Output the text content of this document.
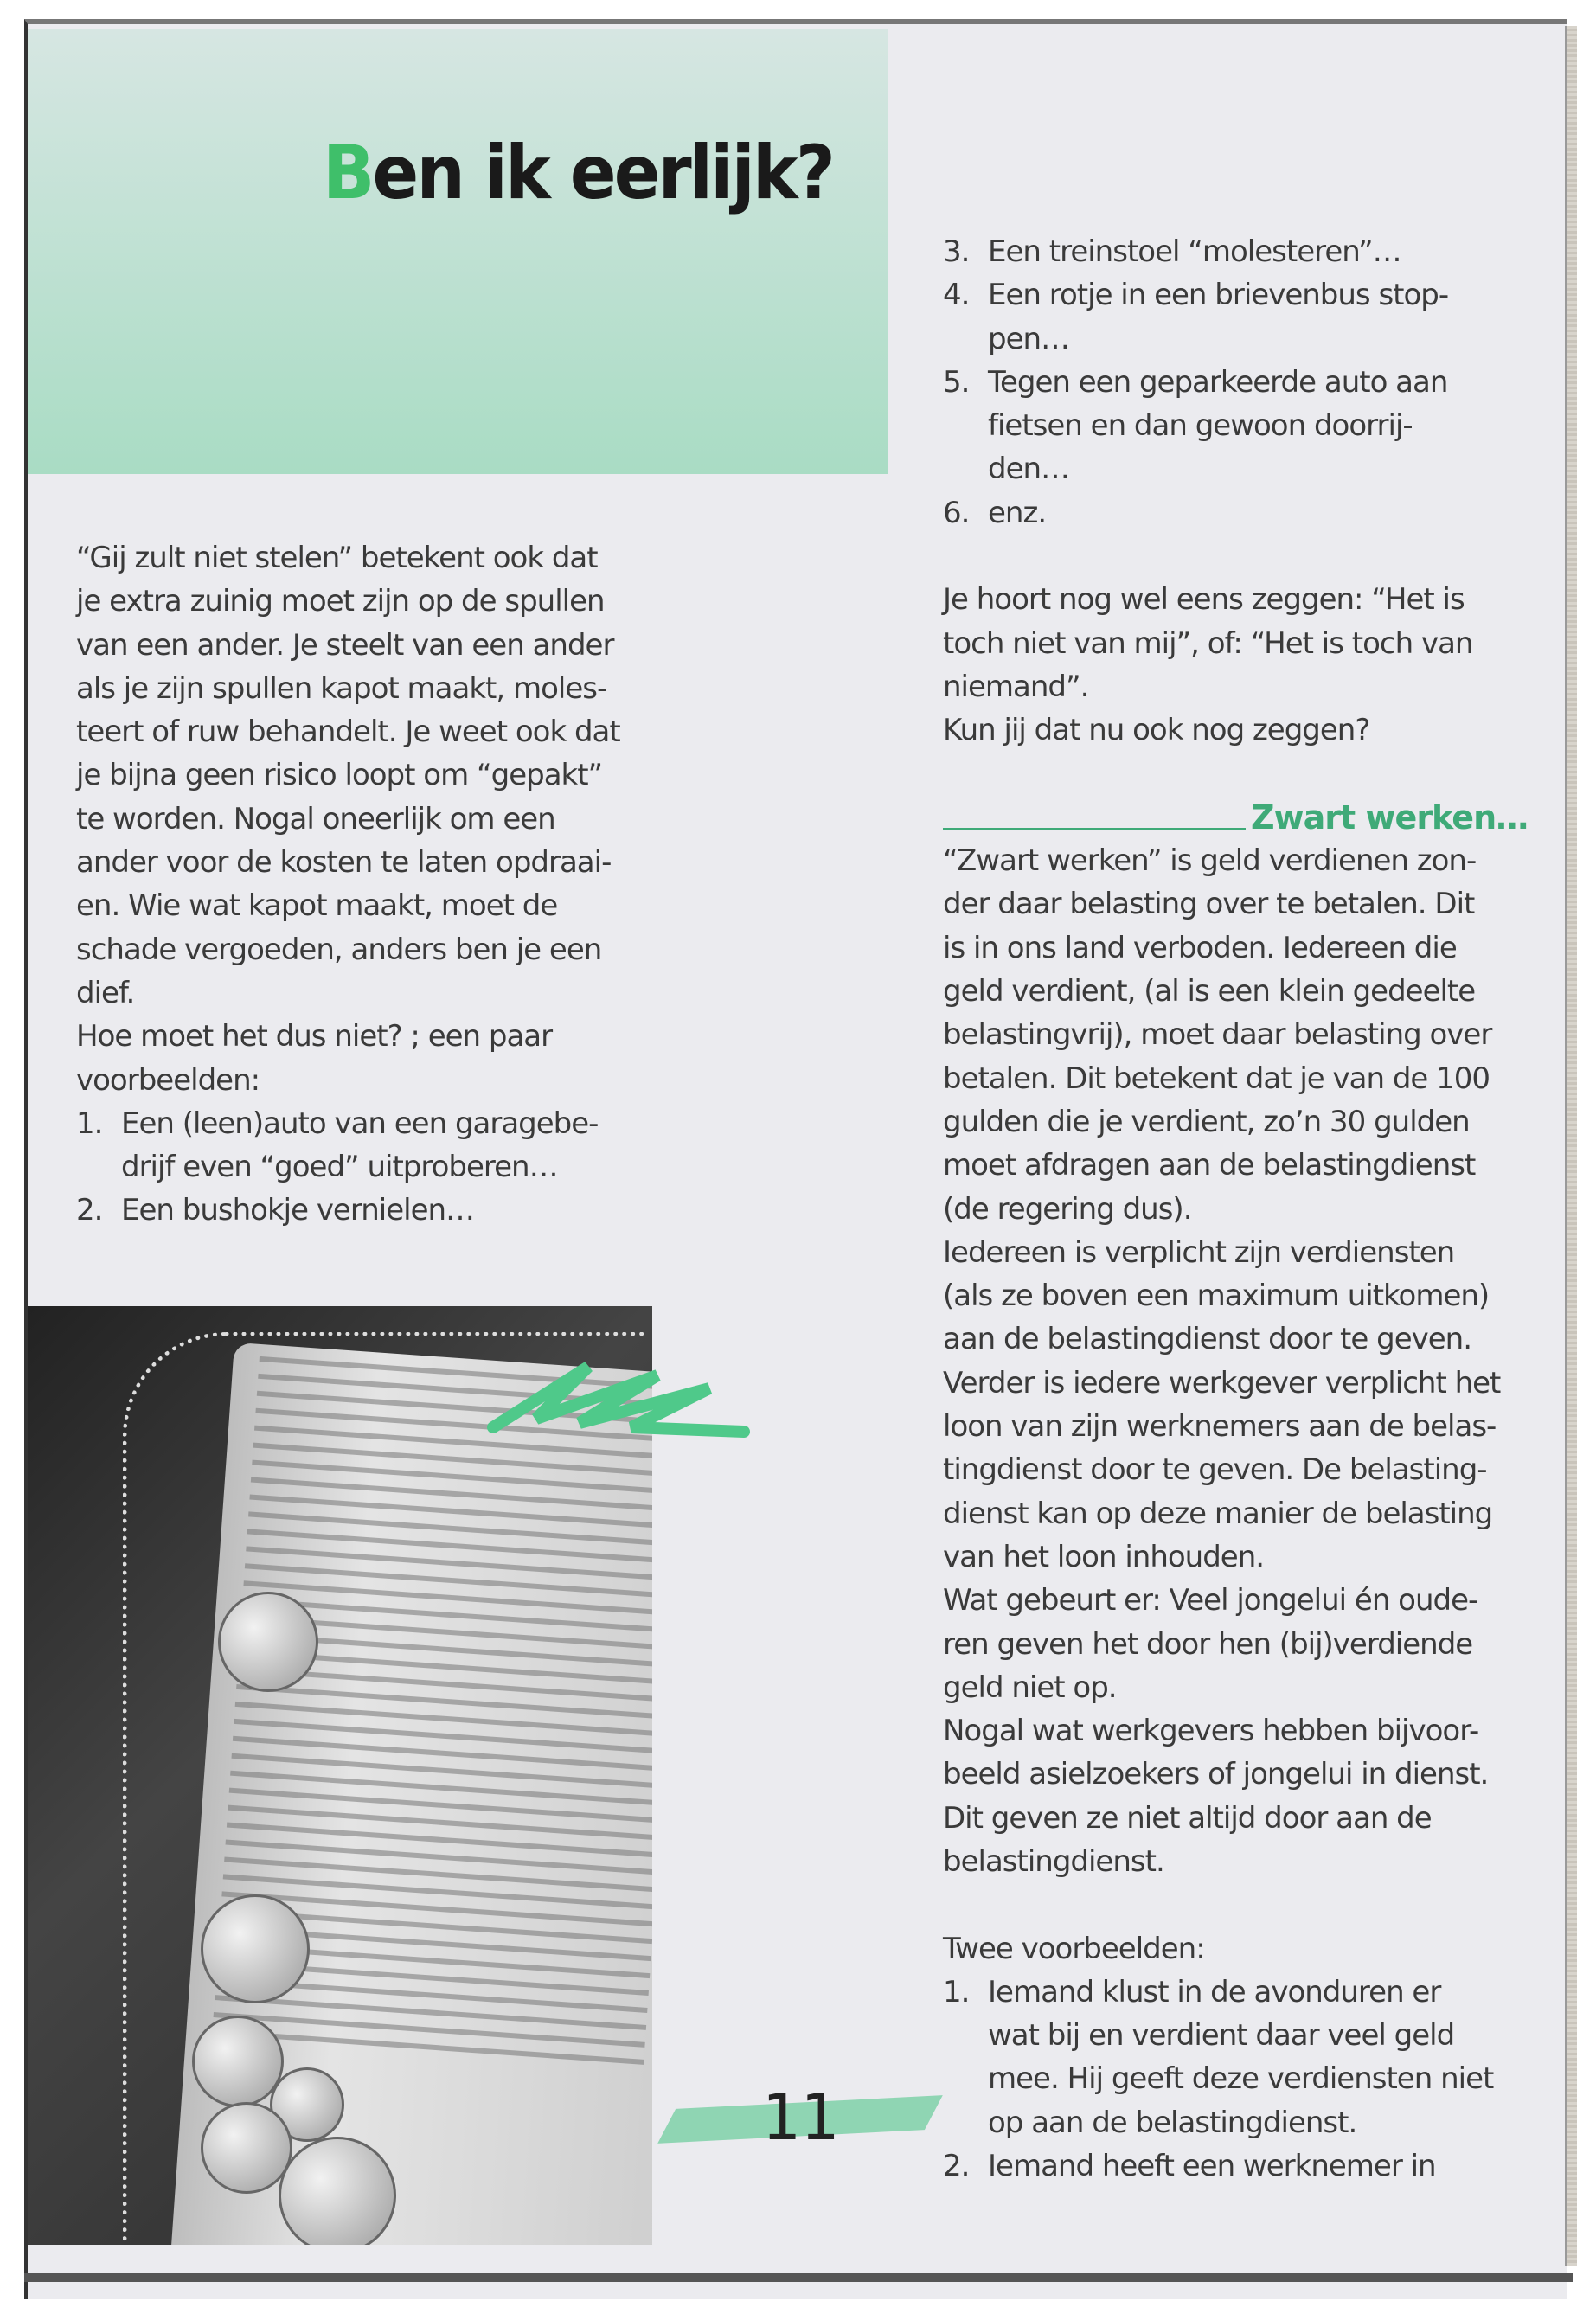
Ben ik eerlijk?
“Gij zult niet stelen” betekent ook dat
je extra zuinig moet zijn op de spullen
van een ander. Je steelt van een ander
als je zijn spullen kapot maakt, moles-
teert of ruw behandelt. Je weet ook dat
je bijna geen risico loopt om “gepakt”
te worden. Nogal oneerlijk om een
ander voor de kosten te laten opdraai-
en. Wie wat kapot maakt, moet de
schade vergoeden, anders ben je een
dief.
Hoe moet het dus niet? ; een paar
voorbeelden:
1. Een (leen)auto van een garagebe-
drijf even “goed” uitproberen…
2. Een bushokje vernielen…
3. Een treinstoel “molesteren”…
4. Een rotje in een brievenbus stop-
pen…
5. Tegen een geparkeerde auto aan
fietsen en dan gewoon doorrij-
den…
6. enz.
Je hoort nog wel eens zeggen: “Het is
toch niet van mij”, of: “Het is toch van
niemand”.
Kun jij dat nu ook nog zeggen?
Zwart werken…
“Zwart werken” is geld verdienen zon-
der daar belasting over te betalen. Dit
is in ons land verboden. Iedereen die
geld verdient, (al is een klein gedeelte
belastingvrij), moet daar belasting over
betalen. Dit betekent dat je van de 100
gulden die je verdient, zo’n 30 gulden
moet afdragen aan de belastingdienst
(de regering dus).
Iedereen is verplicht zijn verdiensten
(als ze boven een maximum uitkomen)
aan de belastingdienst door te geven.
Verder is iedere werkgever verplicht het
loon van zijn werknemers aan de belas-
tingdienst door te geven. De belasting-
dienst kan op deze manier de belasting
van het loon inhouden.
Wat gebeurt er: Veel jongelui én oude-
ren geven het door hen (bij)verdiende
geld niet op.
Nogal wat werkgevers hebben bijvoor-
beeld asielzoekers of jongelui in dienst.
Dit geven ze niet altijd door aan de
belastingdienst.
Twee voorbeelden:
1. Iemand klust in de avonduren er
wat bij en verdient daar veel geld
mee. Hij geeft deze verdiensten niet
op aan de belastingdienst.
2. Iemand heeft een werknemer in
11
